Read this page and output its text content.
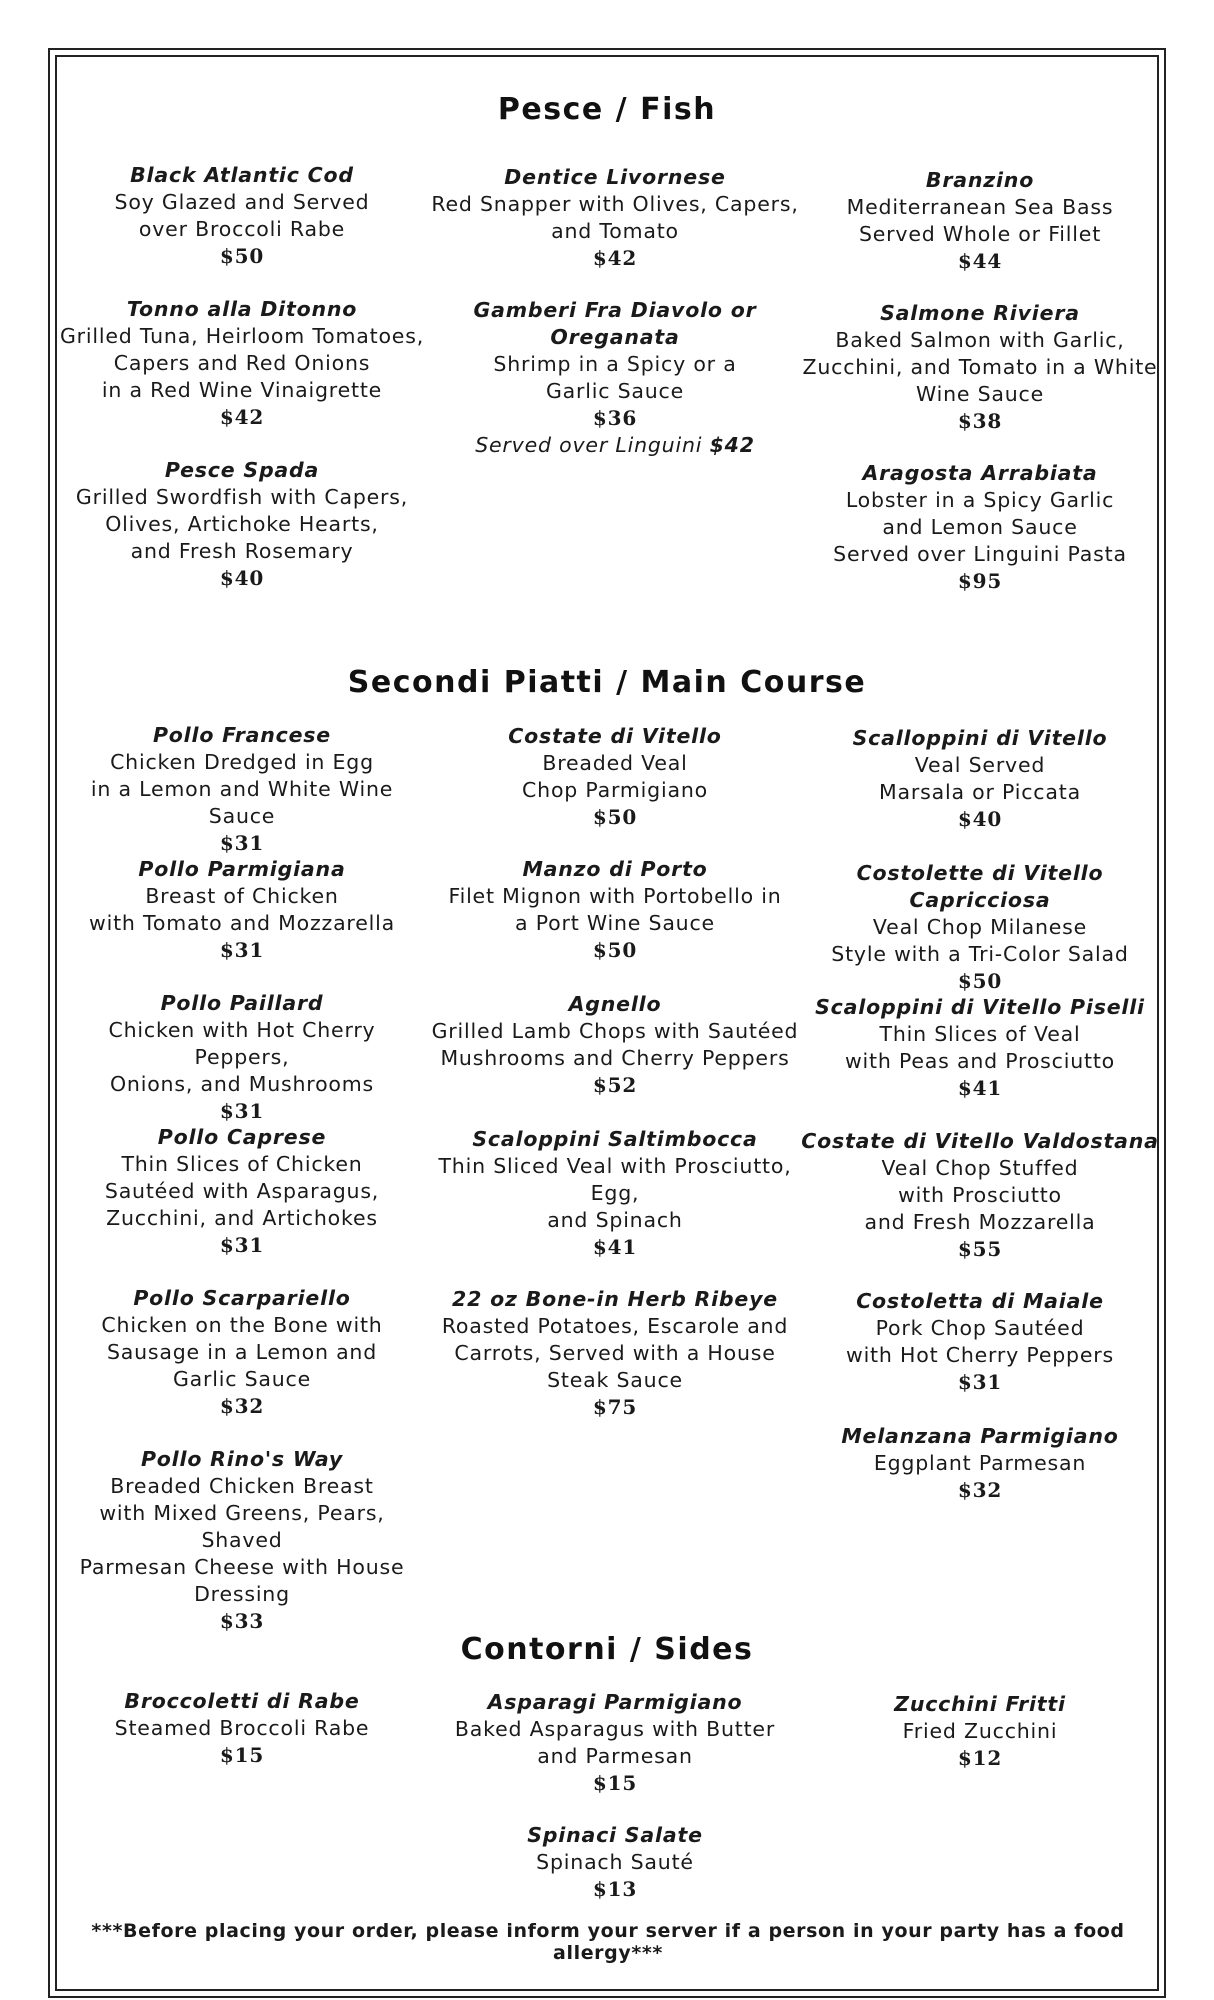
Pesce / Fish
Black Atlantic Cod
Soy Glazed and Served
over Broccoli Rabe
$50
Dentice Livornese
Red Snapper with Olives, Capers,
and Tomato
$42
Branzino
Mediterranean Sea Bass
Served Whole or Fillet
$44
Tonno alla Ditonno
Grilled Tuna, Heirloom Tomatoes,
Capers and Red Onions
in a Red Wine Vinaigrette
$42
Gamberi Fra Diavolo or
Oreganata
Shrimp in a Spicy or a
Garlic Sauce
$36
Served over Linguini $42
Salmone Riviera
Baked Salmon with Garlic,
Zucchini, and Tomato in a White
Wine Sauce
$38
Pesce Spada
Grilled Swordfish with Capers,
Olives, Artichoke Hearts,
and Fresh Rosemary
$40
Aragosta Arrabiata
Lobster in a Spicy Garlic
and Lemon Sauce
Served over Linguini Pasta
$95
Secondi Piatti / Main Course
Pollo Francese
Chicken Dredged in Egg
in a Lemon and White Wine Sauce
$31
Costate di Vitello
Breaded Veal
Chop Parmigiano
$50
Scalloppini di Vitello
Veal Served
Marsala or Piccata
$40
Pollo Parmigiana
Breast of Chicken
with Tomato and Mozzarella
$31
Manzo di Porto
Filet Mignon with Portobello in
a Port Wine Sauce
$50
Costolette di Vitello Capricciosa
Veal Chop Milanese
Style with a Tri-Color Salad
$50
Pollo Paillard
Chicken with Hot Cherry Peppers,
Onions, and Mushrooms
$31
Agnello
Grilled Lamb Chops with Sautéed
Mushrooms and Cherry Peppers
$52
Scaloppini di Vitello Piselli
Thin Slices of Veal
with Peas and Prosciutto
$41
Pollo Caprese
Thin Slices of Chicken
Sautéed with Asparagus,
Zucchini, and Artichokes
$31
Scaloppini Saltimbocca
Thin Sliced Veal with Prosciutto,
Egg,
and Spinach
$41
Costate di Vitello Valdostana
Veal Chop Stuffed
with Prosciutto
and Fresh Mozzarella
$55
Pollo Scarpariello
Chicken on the Bone with
Sausage in a Lemon and
Garlic Sauce
$32
22 oz Bone-in Herb Ribeye
Roasted Potatoes, Escarole and
Carrots, Served with a House
Steak Sauce
$75
Costoletta di Maiale
Pork Chop Sautéed
with Hot Cherry Peppers
$31
Pollo Rino's Way
Breaded Chicken Breast
with Mixed Greens, Pears, Shaved
Parmesan Cheese with House
Dressing
$33
Melanzana Parmigiano
Eggplant Parmesan
$32
Contorni / Sides
Broccoletti di Rabe
Steamed Broccoli Rabe
$15
Asparagi Parmigiano
Baked Asparagus with Butter
and Parmesan
$15
Zucchini Fritti
Fried Zucchini
$12
Spinaci Salate
Spinach Sauté
$13
***Before placing your order, please inform your server if a person in your party has a food allergy***
